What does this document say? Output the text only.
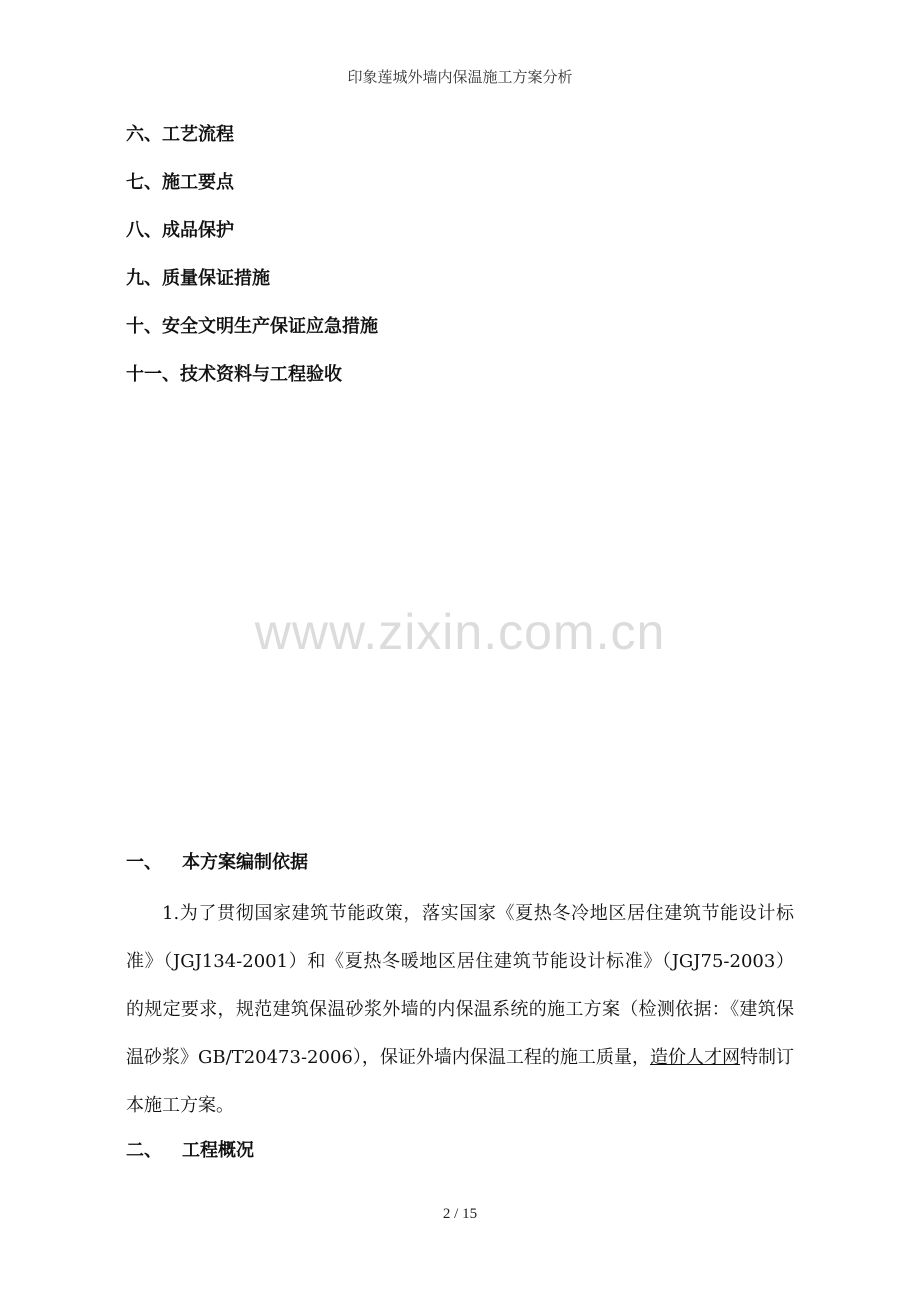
印象莲城外墙内保温施工方案分析
六、工艺流程
七、施工要点
八、成品保护
九、质量保证措施
十、安全文明生产保证应急措施
十一、技术资料与工程验收
www.zixin.com.cn
一、 本方案编制依据

1.为了贯彻国家建筑节能政策，落实国家《夏热冬冷地区居住建筑节能设计标准》（JGJ134-2001）和《夏热冬暖地区居住建筑节能设计标准》（JGJ75-2003）的规定要求，规范建筑保温砂浆外墙的内保温系统的施工方案（检测依据：《建筑保温砂浆》GB/T20473-2006），保证外墙内保温工程的施工质量，造价人才网特制订本施工方案。

二、 工程概况
2 / 15
